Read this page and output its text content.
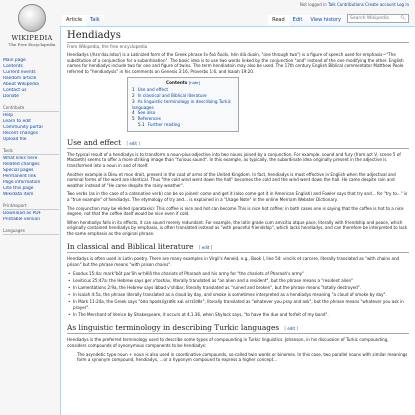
WIKIPEDIA
The Free Encyclopedia
Not logged in Talk Contributions Create account Log in
Article	Talk	Read	Edit	View history	Search Wikipedia	🔍︎
Main page
Contents
Current events
Random article
About Wikipedia
Contact us
Donate
Contribute
Help
Learn to edit
Community portal
Recent changes
Upload file
Tools
What links here
Related changes
Special pages
Permanent link
Page information
Cite this page
Wikidata item
Print/export
Download as PDF
Printable version
Languages
Hendiadys
From Wikipedia, the free encyclopedia

Hendiadys (/hɛnˈdaɪ.ədɪs/) is a Latinized form of the Greek phrase ἓν διὰ δυοῖν, hén dià duoîn, "one through two") is a figure of speech used for emphasis—"The substitution of a conjunction for a subordination". The basic idea is to use two words linked by the conjunction "and" instead of the one modifying the other. English names for hendiadys include two for one and figure of twins. The term hendiadoin may also be used. The 17th century English Biblical commentator Matthew Poole referred to "hendiadysis" in his comments on Genesis 3:16, Proverbs 1:6, and Isaiah 19:20.

Contents [hide]
1 Use and effect
2 In classical and Biblical literature
3 As linguistic terminology in describing Turkic languages
4 See also
5 References
5.1 Further reading
Use and effect [ edit ]

The typical result of a hendiadys is to transform a noun-plus-adjective into two nouns joined by a conjunction. For example, sound and fury (from act V, scene 5 of Macbeth) seems to offer a more striking image than "furious sound". In this example, as typically, the subordinate idea originally present in the adjective is transformed into a noun in and of itself.

Another example is Dieu et mon droit, present in the coat of arms of the United Kingdom. In fact, hendiadys is most effective in English when the adjectival and nominal forms of the word are identical. Thus "the cold wind went down the hall" becomes the cold and the wind went down the hall. He came despite rain and weather instead of "He came despite the rainy weather".

Two verbs (as in the case of a catenative verb) can be so joined: come and get it (also come get it in American English) and Fowler says that try and... for "try to..." is a "true example" of hendiadys. The etymology of try and... is explained in a "Usage Note" in the online Merriam Webster Dictionary.

The conjunction may be elided (parataxis): This coffee is nice and hot can become This is nice hot coffee; in both cases one is saying that the coffee is hot to a nice degree, not that the coffee itself would be nice even if cold.

When hendiadys falls in its effects, it can sound merely redundant. For example, the latin grade cum amicitia atque pace, literally with friendship and peace, which originally contained hendiadys by emphasis, is often translated instead as "with peaceful friendship", which lacks hendiadys, and can therefore be interpreted to lack the same emphasis as the original phrase.

In classical and Biblical literature [ edit ]

Hendiadys is often used in Latin poetry. There are many examples in Virgil's Aeneid, e.g., Book I, line 54: vincils et carcere, literally translated as "with chains and prison" but the phrase means "with prison chains".

• Exodus 15:4a: mark"bōt par'ōh wᵉḥêlô the chariots of Pharaoh and his army for "the chariots of Pharaoh's army"
• Leviticus 25:47a: the Hebrew says ger v'toshav, literally translated as "an alien and a resident", but the phrase means a "resident alien"
• In Lamentations 2:9a, the Hebrew says ibbad v'shibar, literally translated as "ruined and broken", but the phrase means "totally destroyed".
• In Isaiah 4:5a, the phrase literally translated as a cloud by day, and smoke is sometimes interpreted as a hendiadys meaning "a cloud of smoke by day".
• In Mark 11:24a, the Greek says "ὅσα προσεύχεσθε καὶ αἰτεῖσθε", literally translated as "whatever you pray and ask", but the phrase means "whatever you ask in prayer".
• In The Merchant of Venice by Shakespeare, it occurs at 4.1.36, when Shylock says, "to have the due and forfeit of my bond".
As linguistic terminology in describing Turkic languages [ edit ]

Hendiadys is the preferred terminology used to describe some types of compounding in Turkic linguistics. Johanson, in his discussion of Turkic compounding, considers compounds of synonymous components to be hendiadys:

The asyndetic type noun + noun is also used in coordinative compounds, so-called twin words or binomes. In this case, two parallel nouns with similar meanings form a synonym compound, hendiadys, ...or a hyponym compound to express a higher concept...
